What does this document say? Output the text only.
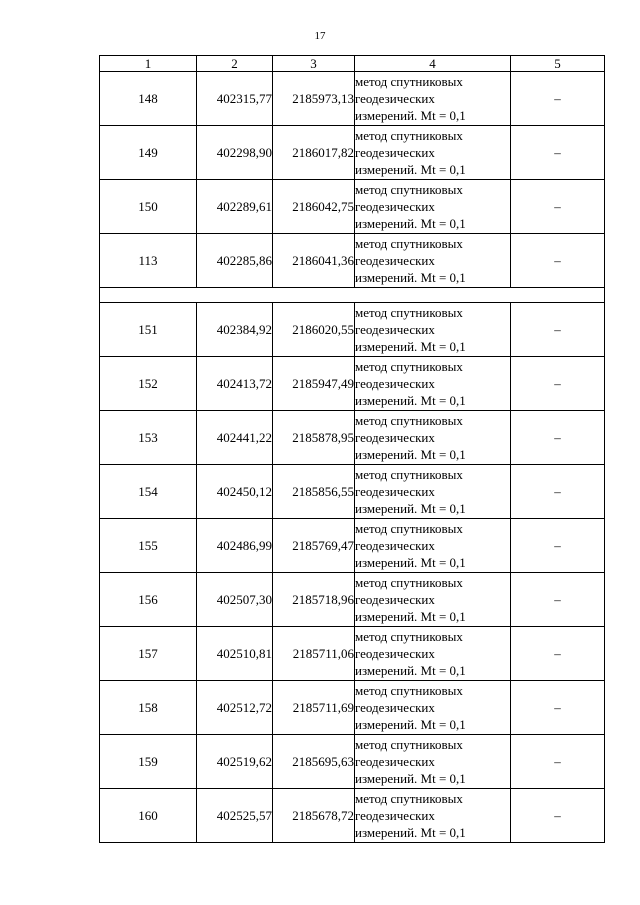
17
1	2	3	4	5
148	402315,77	2185973,13	метод спутниковых
геодезических
измерений. Mt = 0,1	–
149	402298,90	2186017,82	метод спутниковых
геодезических
измерений. Mt = 0,1	–
150	402289,61	2186042,75	метод спутниковых
геодезических
измерений. Mt = 0,1	–
113	402285,86	2186041,36	метод спутниковых
геодезических
измерений. Mt = 0,1	–

151	402384,92	2186020,55	метод спутниковых
геодезических
измерений. Mt = 0,1	–
152	402413,72	2185947,49	метод спутниковых
геодезических
измерений. Mt = 0,1	–
153	402441,22	2185878,95	метод спутниковых
геодезических
измерений. Mt = 0,1	–
154	402450,12	2185856,55	метод спутниковых
геодезических
измерений. Mt = 0,1	–
155	402486,99	2185769,47	метод спутниковых
геодезических
измерений. Mt = 0,1	–
156	402507,30	2185718,96	метод спутниковых
геодезических
измерений. Mt = 0,1	–
157	402510,81	2185711,06	метод спутниковых
геодезических
измерений. Mt = 0,1	–
158	402512,72	2185711,69	метод спутниковых
геодезических
измерений. Mt = 0,1	–
159	402519,62	2185695,63	метод спутниковых
геодезических
измерений. Mt = 0,1	–
160	402525,57	2185678,72	метод спутниковых
геодезических
измерений. Mt = 0,1	–
